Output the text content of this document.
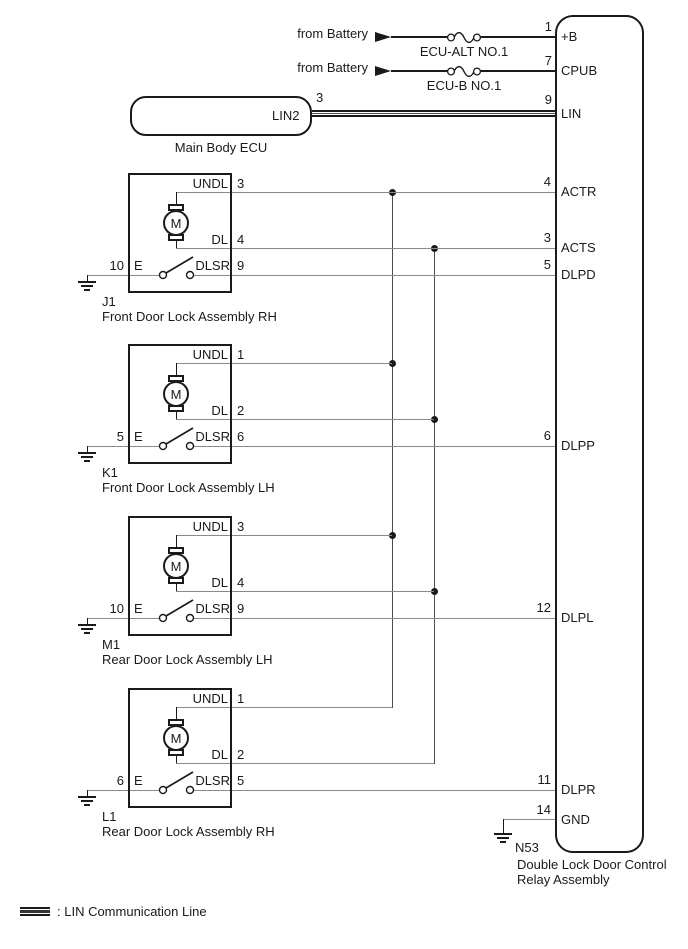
from Battery
ECU-ALT NO.1
1
from Battery
ECU-B NO.1
7
LIN2
3
Main Body ECU
9
+B
CPUB
LIN
4
ACTR
3
ACTS
5
DLPD
6
DLPP
12
DLPL
11
DLPR
14
GND
N53
Double Lock Door Control
Relay Assembly
UNDL 3
M
DL 4
10 E	DLSR 9
J1
Front Door Lock Assembly RH
UNDL 1
M
DL 2
5 E	DLSR 6
K1
Front Door Lock Assembly LH
UNDL 3
M
DL 4
10 E	DLSR 9
M1
Rear Door Lock Assembly LH
UNDL 1
M
DL 2
6 E	DLSR 5
L1
Rear Door Lock Assembly RH
: LIN Communication Line
